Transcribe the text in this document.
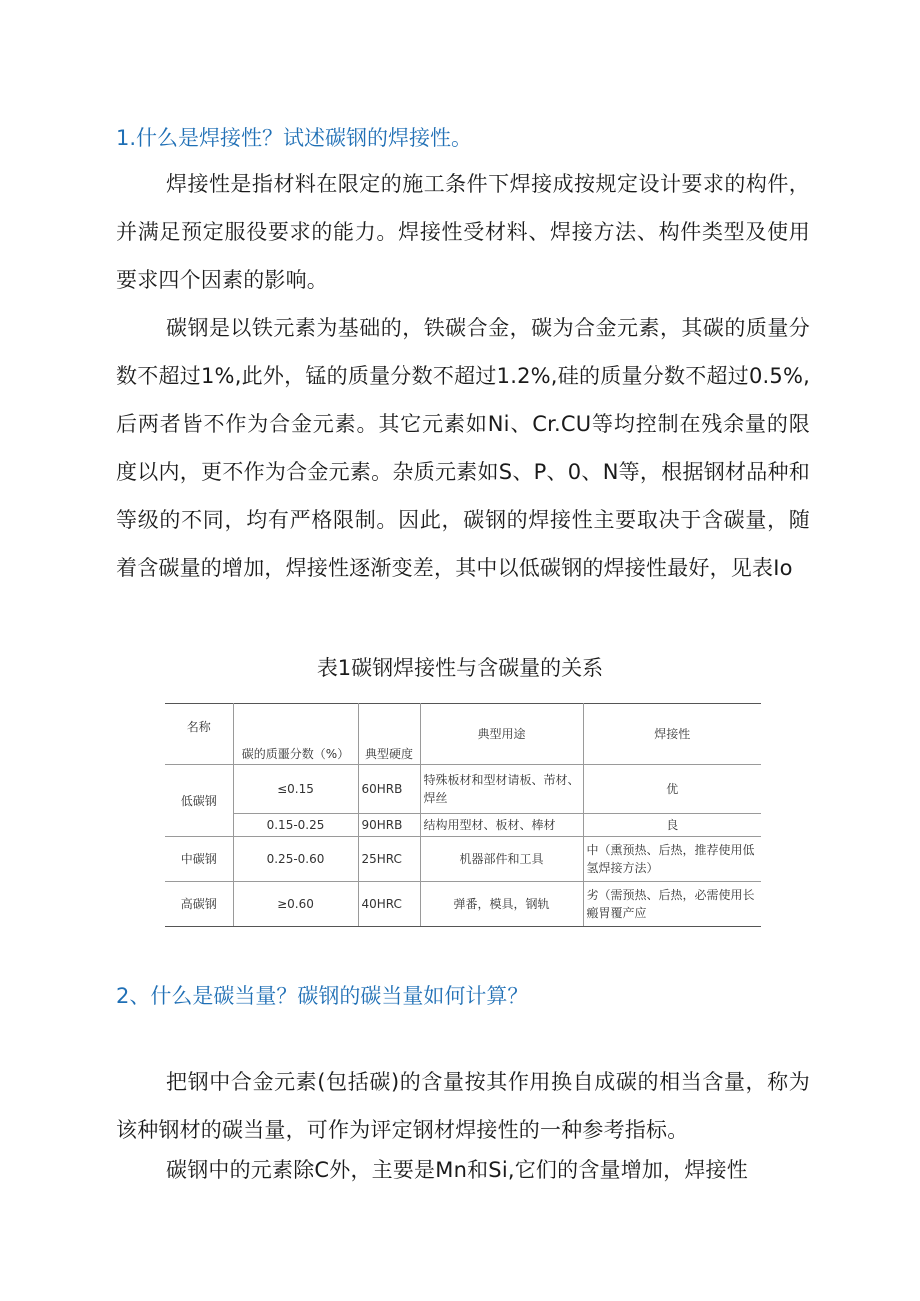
1.什么是焊接性？试述碳钢的焊接性。

焊接性是指材料在限定的施工条件下焊接成按规定设计要求的构件，并满足预定服役要求的能力。焊接性受材料、焊接方法、构件类型及使用要求四个因素的影响。

碳钢是以铁元素为基础的，铁碳合金，碳为合金元素，其碳的质量分数不超过1%,此外，锰的质量分数不超过1.2%,硅的质量分数不超过0.5%,后两者皆不作为合金元素。其它元素如Ni、Cr.CU等均控制在残余量的限度以内，更不作为合金元素。杂质元素如S、P、0、N等，根据钢材品种和等级的不同，均有严格限制。因此，碳钢的焊接性主要取决于含碳量，随着含碳量的增加，焊接性逐渐变差，其中以低碳钢的焊接性最好，见表Io

表1碳钢焊接性与含碳量的关系

名称	碳的质噩分数（%）	典型硬度	典型用途	焊接性
低碳钢	≤0.15	60HRB	特殊板材和型材请板、芾材、焊丝	优
	0.15-0.25	90HRB	结构用型材、板材、棒材	良
中碳钢	0.25-0.60	25HRC	机器部件和工具	中（熏预热、后热，推荐使用低氢焊接方法）
高碳钢	≥0.60	40HRC	弹番，模具，钢轨	劣（需预热、后热，必需使用长瘢胃覆产应
2、什么是碳当量？碳钢的碳当量如何计算？

把钢中合金元素(包括碳)的含量按其作用换自成碳的相当含量，称为该种钢材的碳当量，可作为评定钢材焊接性的一种参考指标。

碳钢中的元素除C外，主要是Mn和Si,它们的含量增加，焊接性
